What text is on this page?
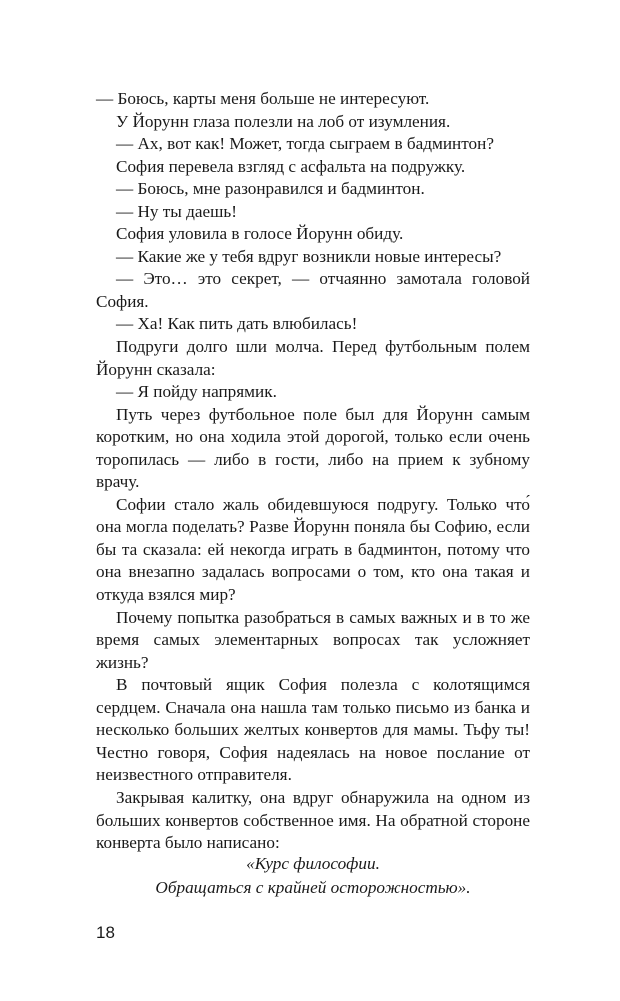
— Боюсь, карты меня больше не интересуют.

У Йорунн глаза полезли на лоб от изумления.

— Ах, вот как! Может, тогда сыграем в бадминтон?

София перевела взгляд с асфальта на подружку.

— Боюсь, мне разонравился и бадминтон.

— Ну ты даешь!

София уловила в голосе Йорунн обиду.

— Какие же у тебя вдруг возникли новые интересы?

— Это… это секрет, — отчаянно замотала головой София.

— Ха! Как пить дать влюбилась!

Подруги долго шли молча. Перед футбольным полем Йорунн сказала:

— Я пойду напрямик.

Путь через футбольное поле был для Йорунн самым коротким, но она ходила этой дорогой, только если очень торопилась — либо в гости, либо на прием к зубному врачу.

Софии стало жаль обидевшуюся подругу. Только что́ она могла поделать? Разве Йорунн поняла бы Софию, если бы та сказала: ей некогда играть в бадминтон, потому что она внезапно задалась вопросами о том, кто она такая и откуда взялся мир?

Почему попытка разобраться в самых важных и в то же время самых элементарных вопросах так усложняет жизнь?

В почтовый ящик София полезла с колотящимся сердцем. Сначала она нашла там только письмо из банка и несколько больших желтых конвертов для мамы. Тьфу ты! Честно говоря, София надеялась на новое послание от неизвестного отправителя.

Закрывая калитку, она вдруг обнаружила на одном из больших конвертов собственное имя. На обратной стороне конверта было написано:

«Курс философии.
Обращаться с крайней осторожностью».
18
